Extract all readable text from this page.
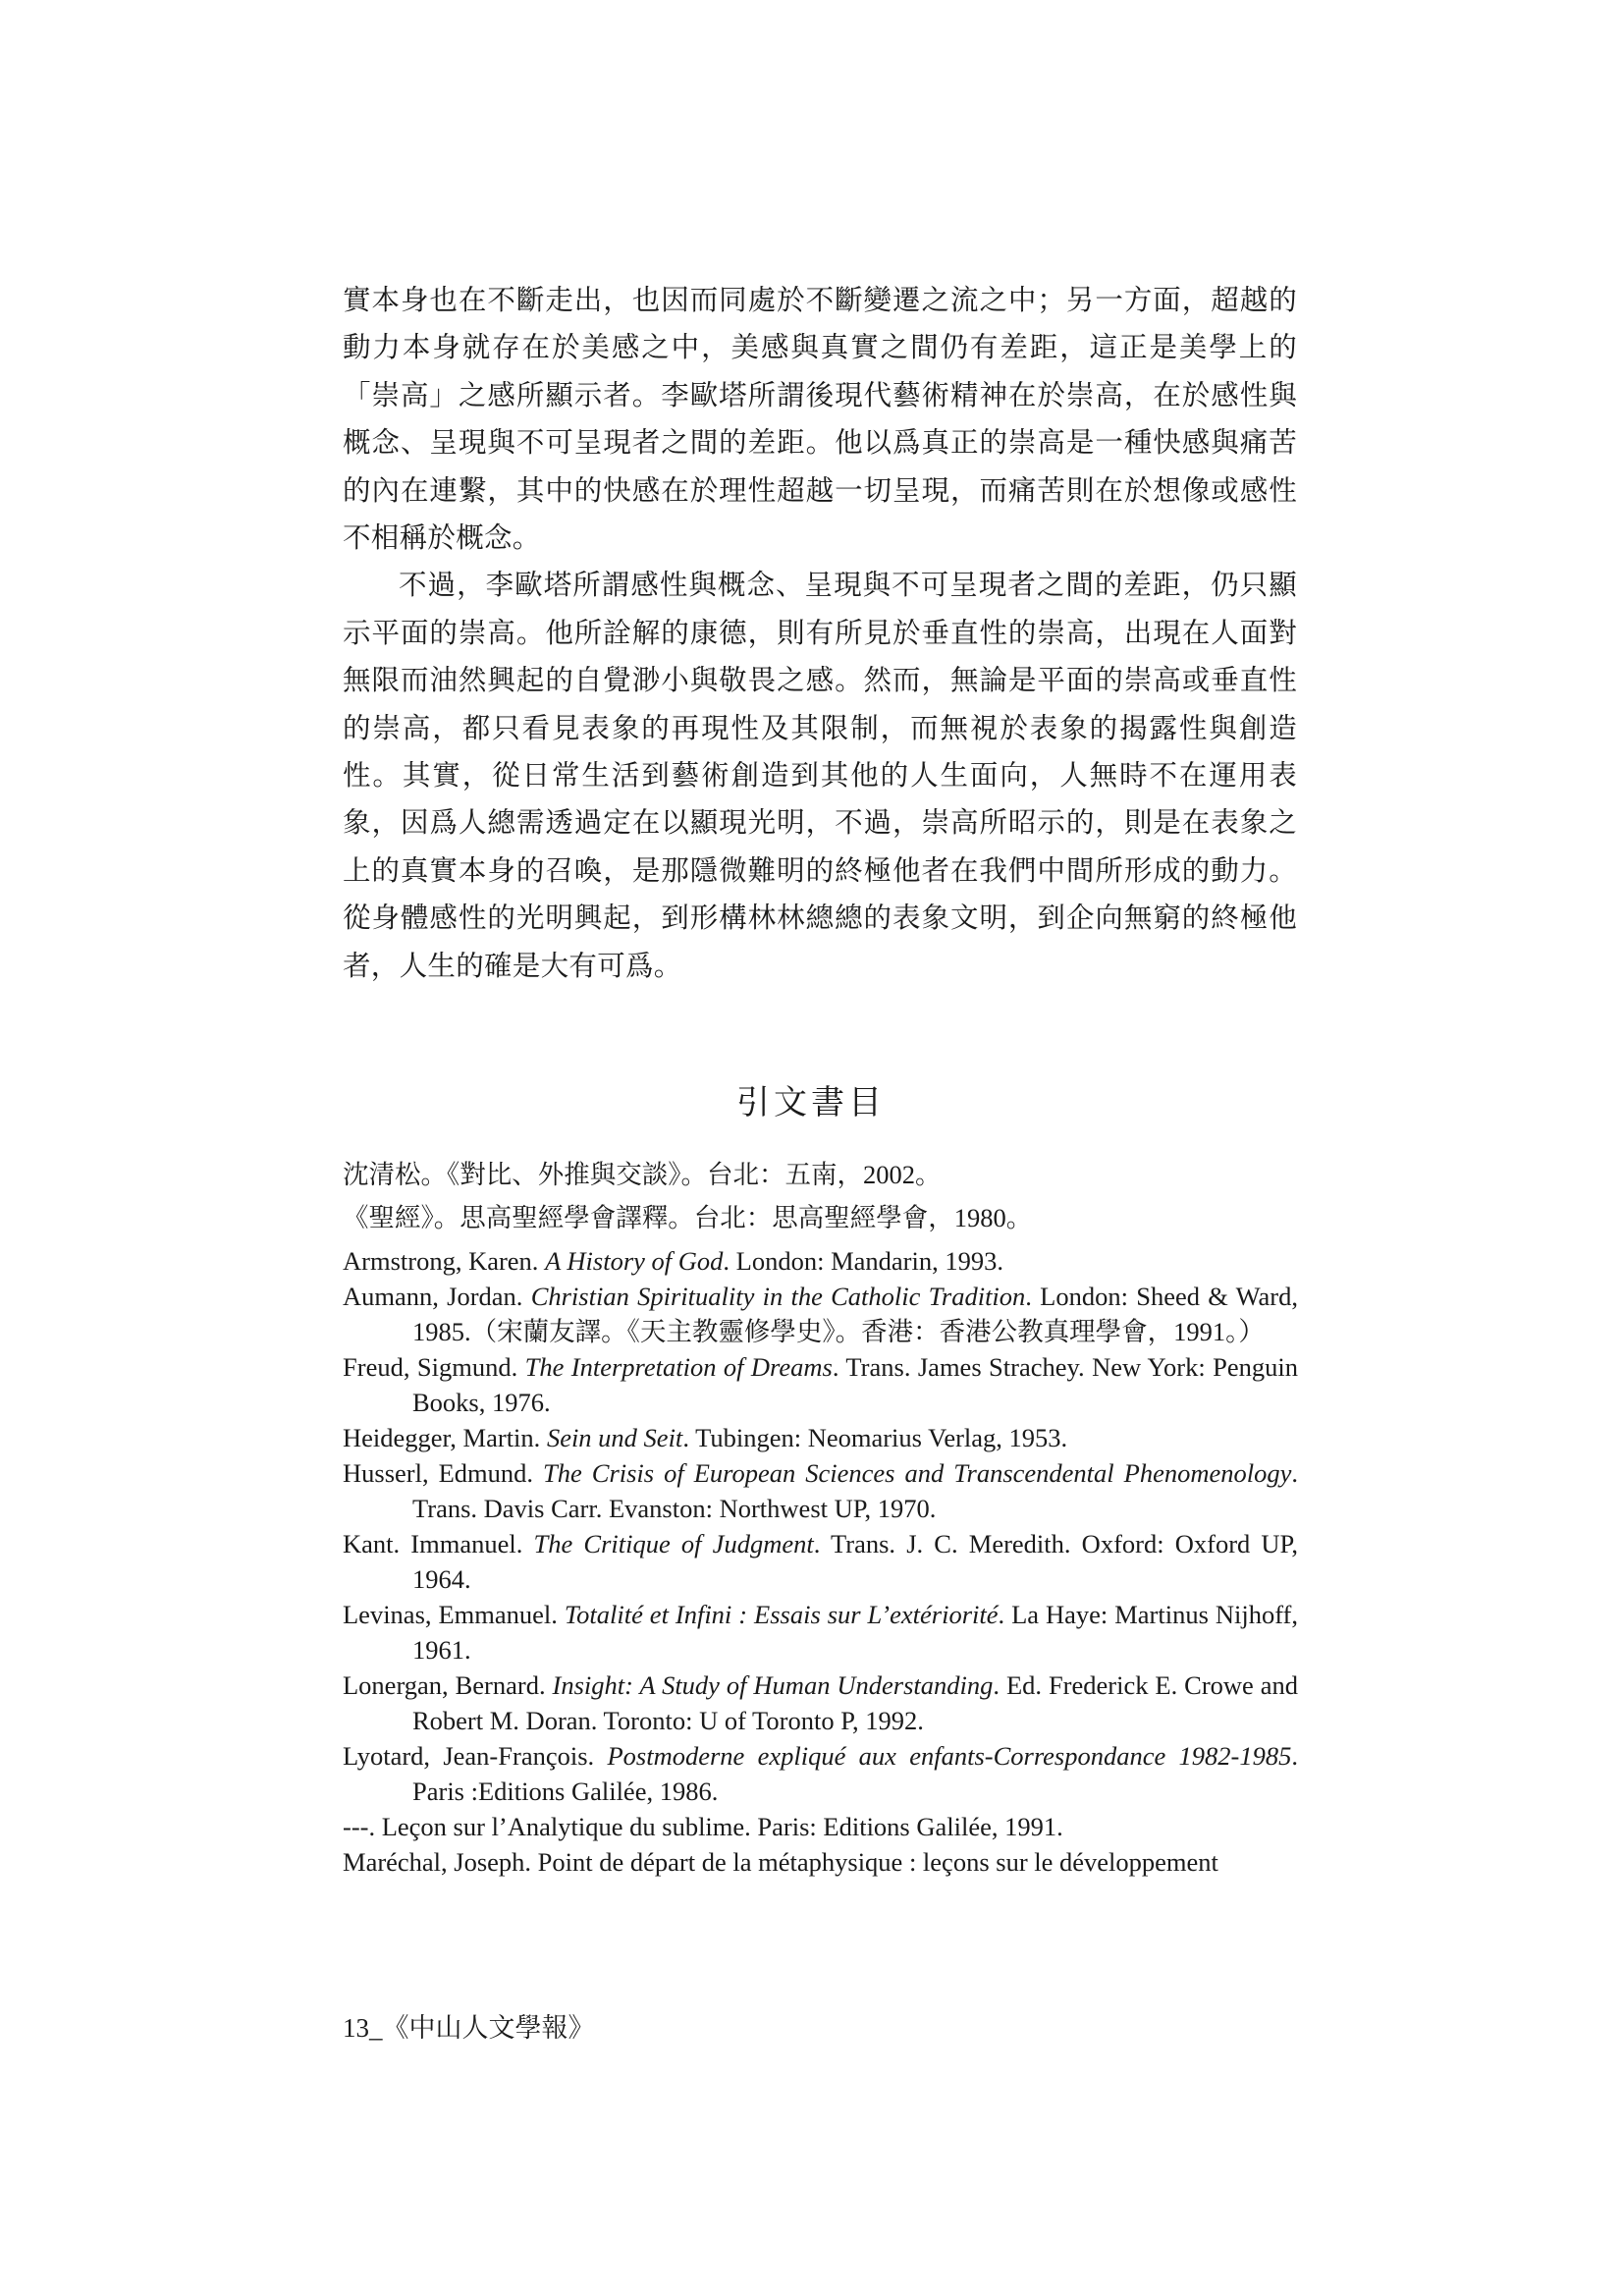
實本身也在不斷走出，也因而同處於不斷變遷之流之中；另一方面，超越的動力本身就存在於美感之中，美感與真實之間仍有差距，這正是美學上的「崇高」之感所顯示者。李歐塔所謂後現代藝術精神在於崇高，在於感性與概念、呈現與不可呈現者之間的差距。他以爲真正的崇高是一種快感與痛苦的內在連繫，其中的快感在於理性超越一切呈現，而痛苦則在於想像或感性不相稱於概念。

不過，李歐塔所謂感性與概念、呈現與不可呈現者之間的差距，仍只顯示平面的崇高。他所詮解的康德，則有所見於垂直性的崇高，出現在人面對無限而油然興起的自覺渺小與敬畏之感。然而，無論是平面的崇高或垂直性的崇高，都只看見表象的再現性及其限制，而無視於表象的揭露性與創造性。其實，從日常生活到藝術創造到其他的人生面向，人無時不在運用表象，因爲人總需透過定在以顯現光明，不過，崇高所昭示的，則是在表象之上的真實本身的召喚，是那隱微難明的終極他者在我們中間所形成的動力。從身體感性的光明興起，到形構林林總總的表象文明，到企向無窮的終極他者，人生的確是大有可爲。

引文書目
沈清松。《對比、外推與交談》。台北：五南，2002。
《聖經》。思高聖經學會譯釋。台北：思高聖經學會，1980。
Armstrong, Karen. A History of God. London: Mandarin, 1993.
Aumann, Jordan. Christian Spirituality in the Catholic Tradition. London: Sheed & Ward, 1985.（宋蘭友譯。《天主教靈修學史》。香港：香港公教真理學會，1991。）
Freud, Sigmund. The Interpretation of Dreams. Trans. James Strachey. New York: Penguin Books, 1976.
Heidegger, Martin. Sein und Seit. Tubingen: Neomarius Verlag, 1953.
Husserl, Edmund. The Crisis of European Sciences and Transcendental Phenomenology. Trans. Davis Carr. Evanston: Northwest UP, 1970.
Kant. Immanuel. The Critique of Judgment. Trans. J. C. Meredith. Oxford: Oxford UP, 1964.
Levinas, Emmanuel. Totalité et Infini : Essais sur L’extériorité. La Haye: Martinus Nijhoff, 1961.
Lonergan, Bernard. Insight: A Study of Human Understanding. Ed. Frederick E. Crowe and Robert M. Doran. Toronto: U of Toronto P, 1992.
Lyotard, Jean-François. Postmoderne expliqué aux enfants-Correspondance 1982-1985. Paris :Editions Galilée, 1986.
---. Leçon sur l’Analytique du sublime. Paris: Editions Galilée, 1991.
Maréchal, Joseph. Point de départ de la métaphysique : leçons sur le développement
13_《中山人文學報》
